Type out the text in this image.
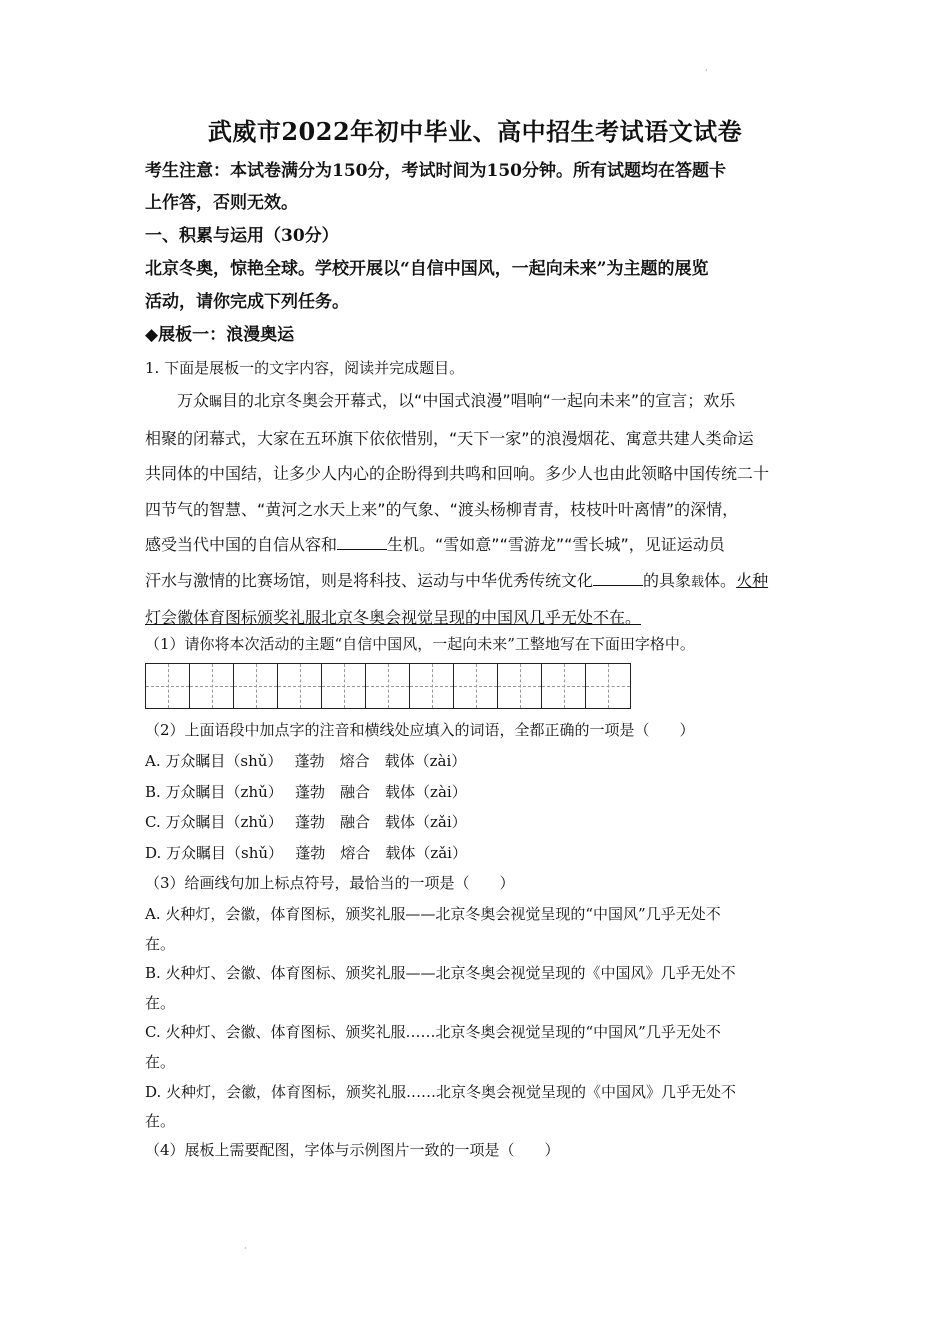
·
武威市2022年初中毕业、高中招生考试语文试卷
考生注意：本试卷满分为150分，考试时间为150分钟。所有试题均在答题卡
上作答，否则无效。
一、积累与运用（30分）
北京冬奥，惊艳全球。学校开展以“自信中国风，一起向未来”为主题的展览
活动，请你完成下列任务。
◆展板一：浪漫奥运
1. 下面是展板一的文字内容，阅读并完成题目。
万众瞩目的北京冬奥会开幕式，以“中国式浪漫”唱响“一起向未来”的宣言；欢乐
相聚的闭幕式，大家在五环旗下依依惜别，“天下一家”的浪漫烟花、寓意共建人类命运
共同体的中国结，让多少人内心的企盼得到共鸣和回响。多少人也由此领略中国传统二十
四节气的智慧、“黄河之水天上来”的气象、“渡头杨柳青青，枝枝叶叶离情”的深情，
感受当代中国的自信从容和	生机。“雪如意”“雪游龙”“雪长城”，见证运动员
汗水与激情的比赛场馆，则是将科技、运动与中华优秀传统文化	的具象载体。火种
灯会徽体育图标颁奖礼服北京冬奥会视觉呈现的中国风几乎无处不在。
（1）请你将本次活动的主题“自信中国风，一起向未来”工整地写在下面田字格中。
（2）上面语段中加点字的注音和横线处应填入的词语，全都正确的一项是（　　）
A. 万众瞩目（shǔ）　 蓬勃　熔合　载体（zài）
B. 万众瞩目（zhǔ）　 蓬勃　融合　载体（zài）
C. 万众瞩目（zhǔ）　 蓬勃　融合　载体（zǎi）
D. 万众瞩目（shǔ）　 蓬勃　熔合　载体（zǎi）
（3）给画线句加上标点符号，最恰当的一项是（　　）
A. 火种灯，会徽，体育图标，颁奖礼服——北京冬奥会视觉呈现的“中国风”几乎无处不
在。
B. 火种灯、会徽、体育图标、颁奖礼服——北京冬奥会视觉呈现的《中国风》几乎无处不
在。
C. 火种灯、会徽、体育图标、颁奖礼服……北京冬奥会视觉呈现的“中国风”几乎无处不
在。
D. 火种灯，会徽，体育图标，颁奖礼服……北京冬奥会视觉呈现的《中国风》几乎无处不
在。
（4）展板上需要配图，字体与示例图片一致的一项是（　　）
·
